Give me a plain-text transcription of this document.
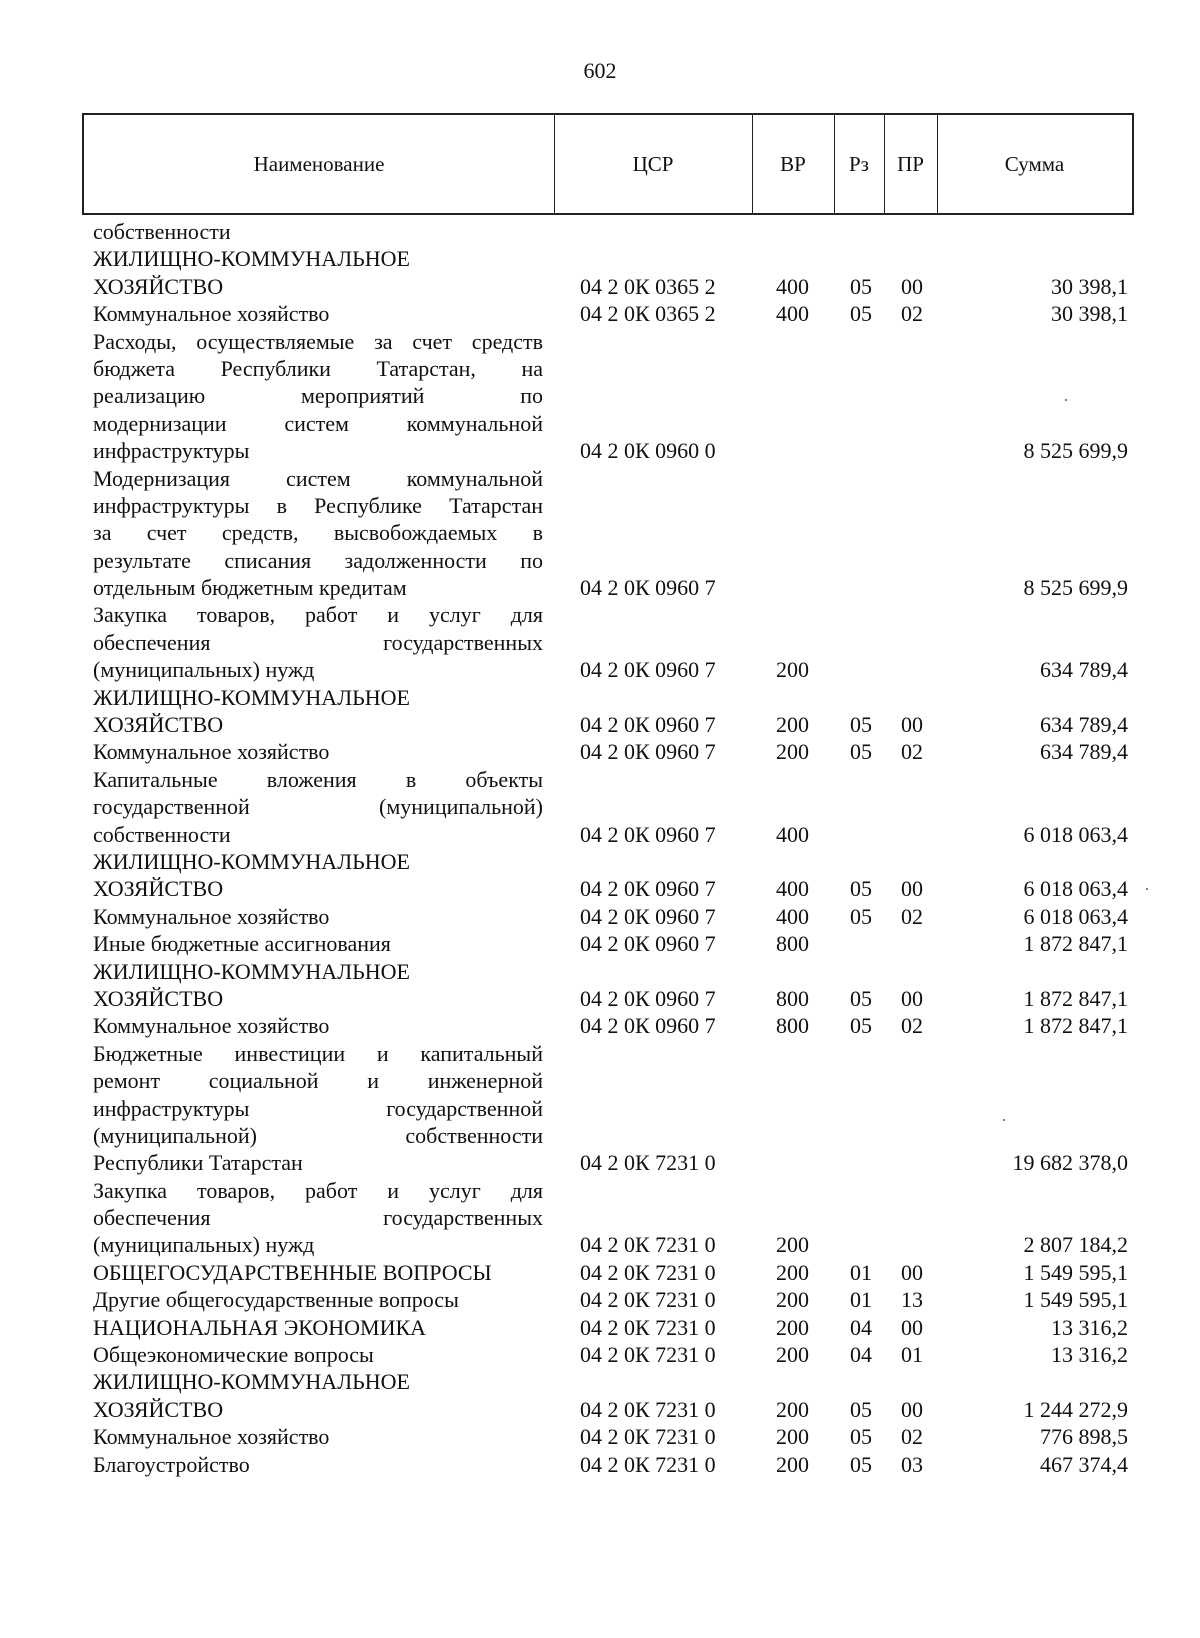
602
Наименование	ЦСР	ВР	Рз	ПР	Сумма
собственности
ЖИЛИЩНО-КОММУНАЛЬНОЕ
ХОЗЯЙСТВО	04 2 0К 0365 2	400 05 00	30 398,1
Коммунальное хозяйство	04 2 0К 0365 2	400 05 02	30 398,1
Расходы, осуществляемые за счет средств
бюджета Республики Татарстан, на
реализацию мероприятий по
модернизации систем коммунальной
инфраструктуры	04 2 0К 0960 0	8 525 699,9
Модернизация систем коммунальной
инфраструктуры в Республике Татарстан
за счет средств, высвобождаемых в
результате списания задолженности по
отдельным бюджетным кредитам	04 2 0К 0960 7	8 525 699,9
Закупка товаров, работ и услуг для
обеспечения государственных
(муниципальных) нужд	04 2 0К 0960 7	200	634 789,4
ЖИЛИЩНО-КОММУНАЛЬНОЕ
ХОЗЯЙСТВО	04 2 0К 0960 7	200 05 00	634 789,4
Коммунальное хозяйство	04 2 0К 0960 7	200 05 02	634 789,4
Капитальные вложения в объекты
государственной (муниципальной)
собственности	04 2 0К 0960 7	400	6 018 063,4
ЖИЛИЩНО-КОММУНАЛЬНОЕ
ХОЗЯЙСТВО	04 2 0К 0960 7	400 05 00	6 018 063,4
Коммунальное хозяйство	04 2 0К 0960 7	400 05 02	6 018 063,4
Иные бюджетные ассигнования	04 2 0К 0960 7	800	1 872 847,1
ЖИЛИЩНО-КОММУНАЛЬНОЕ
ХОЗЯЙСТВО	04 2 0К 0960 7	800 05 00	1 872 847,1
Коммунальное хозяйство	04 2 0К 0960 7	800 05 02	1 872 847,1
Бюджетные инвестиции и капитальный
ремонт социальной и инженерной
инфраструктуры государственной
(муниципальной) собственности
Республики Татарстан	04 2 0К 7231 0	19 682 378,0
Закупка товаров, работ и услуг для
обеспечения государственных
(муниципальных) нужд	04 2 0К 7231 0	200	2 807 184,2
ОБЩЕГОСУДАРСТВЕННЫЕ ВОПРОСЫ	04 2 0К 7231 0	200 01 00	1 549 595,1
Другие общегосударственные вопросы	04 2 0К 7231 0	200 01 13	1 549 595,1
НАЦИОНАЛЬНАЯ ЭКОНОМИКА	04 2 0К 7231 0	200 04 00	13 316,2
Общеэкономические вопросы	04 2 0К 7231 0	200 04 01	13 316,2
ЖИЛИЩНО-КОММУНАЛЬНОЕ
ХОЗЯЙСТВО	04 2 0К 7231 0	200 05 00	1 244 272,9
Коммунальное хозяйство	04 2 0К 7231 0	200 05 02	776 898,5
Благоустройство	04 2 0К 7231 0	200 05 03	467 374,4
